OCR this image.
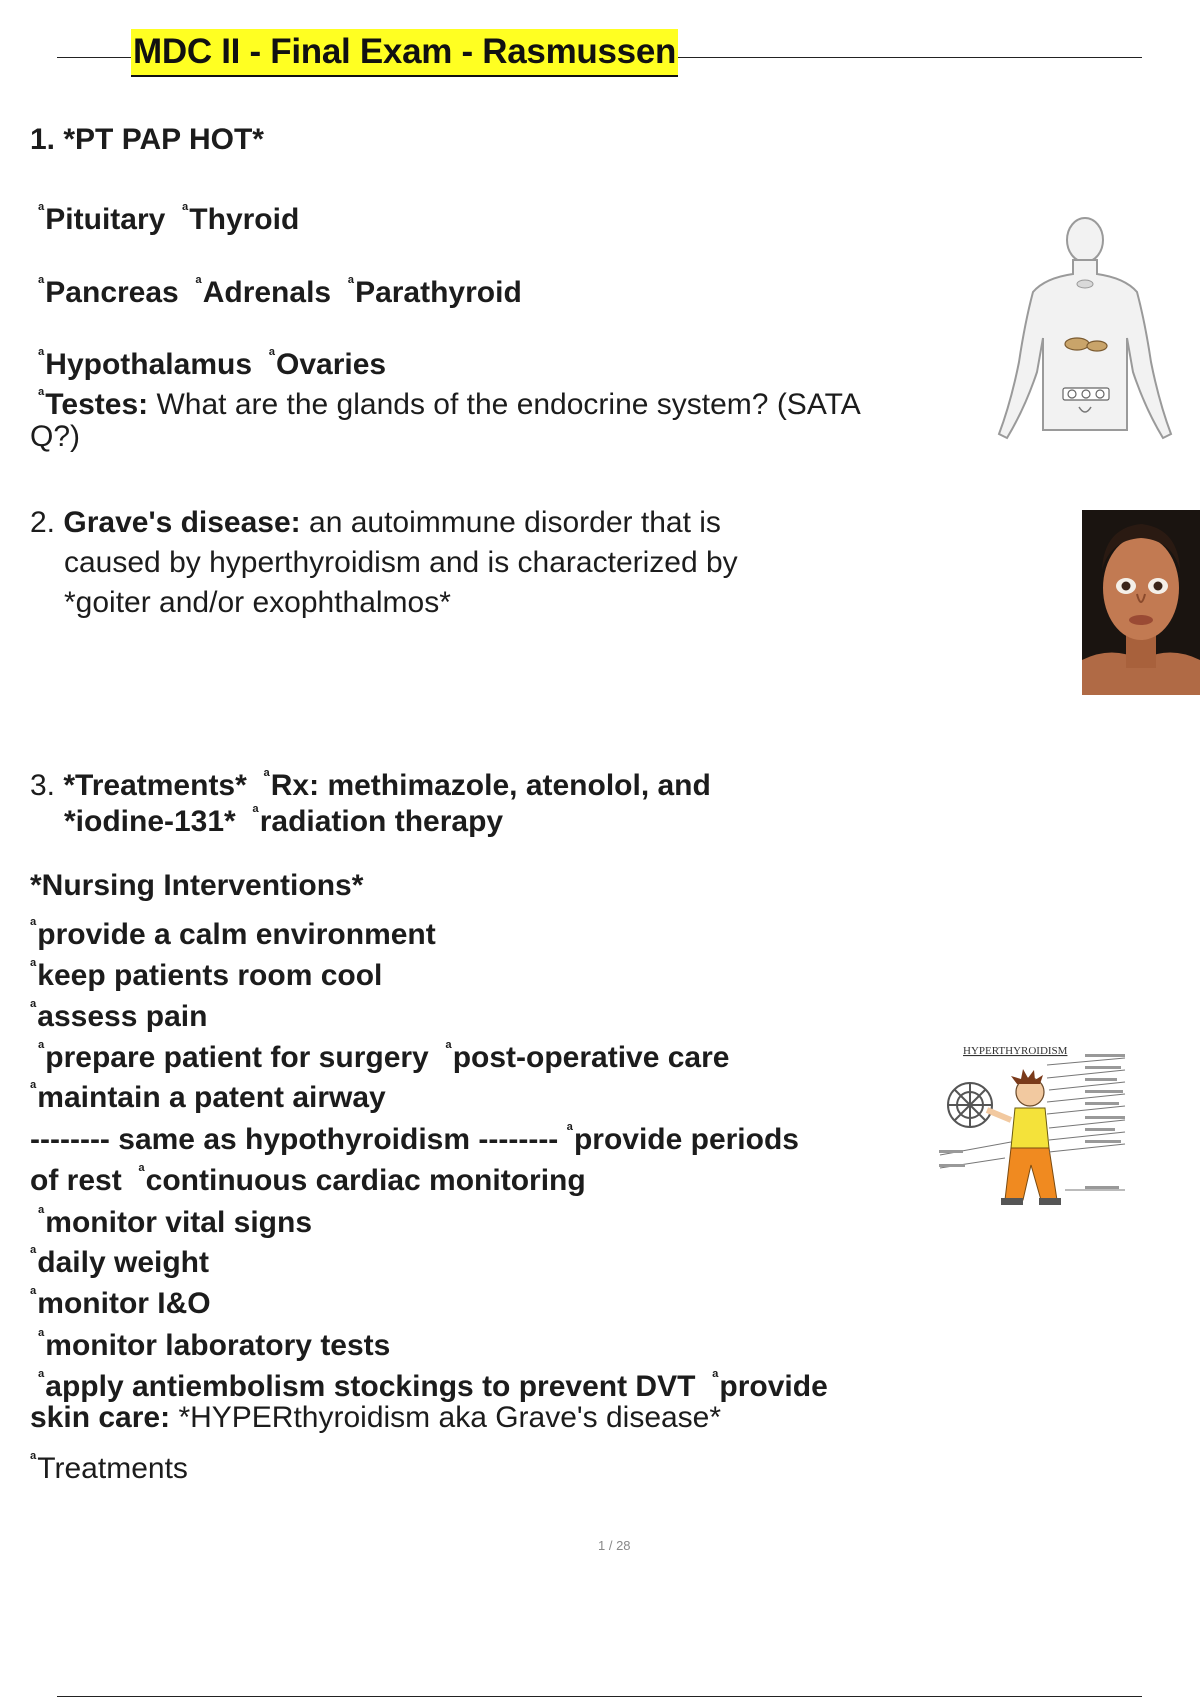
MDC II - Final Exam - Rasmussen
1. *PT PAP HOT*
$^ª$Pituitary $^ª$Thyroid
$^ª$Pancreas $^ª$Adrenals $^ª$Parathyroid
$^ª$Hypothalamus $^ª$Ovaries
$^ª$Testes: What are the glands of the endocrine system? (SATA
Q?)
2. Grave's disease: an autoimmune disorder that is
caused by hyperthyroidism and is characterized by
*goiter and/or exophthalmos*
3. *Treatments* $^ª$Rx: methimazole, atenolol, and
*iodine-131* $^ª$radiation therapy
*Nursing Interventions*
$^ª$provide a calm environment
$^ª$keep patients room cool
$^ª$assess pain
$^ª$prepare patient for surgery $^ª$post-operative care
$^ª$maintain a patent airway
-------- same as hypothyroidism -------- $^ª$provide periods
of rest $^ª$continuous cardiac monitoring
$^ª$monitor vital signs
$^ª$daily weight
$^ª$monitor I&O
$^ª$monitor laboratory tests
$^ª$apply antiembolism stockings to prevent DVT $^ª$provide
skin care: *HYPERthyroidism aka Grave's disease*
$^ª$Treatments
HYPERTHYROIDISM
1 / 28
